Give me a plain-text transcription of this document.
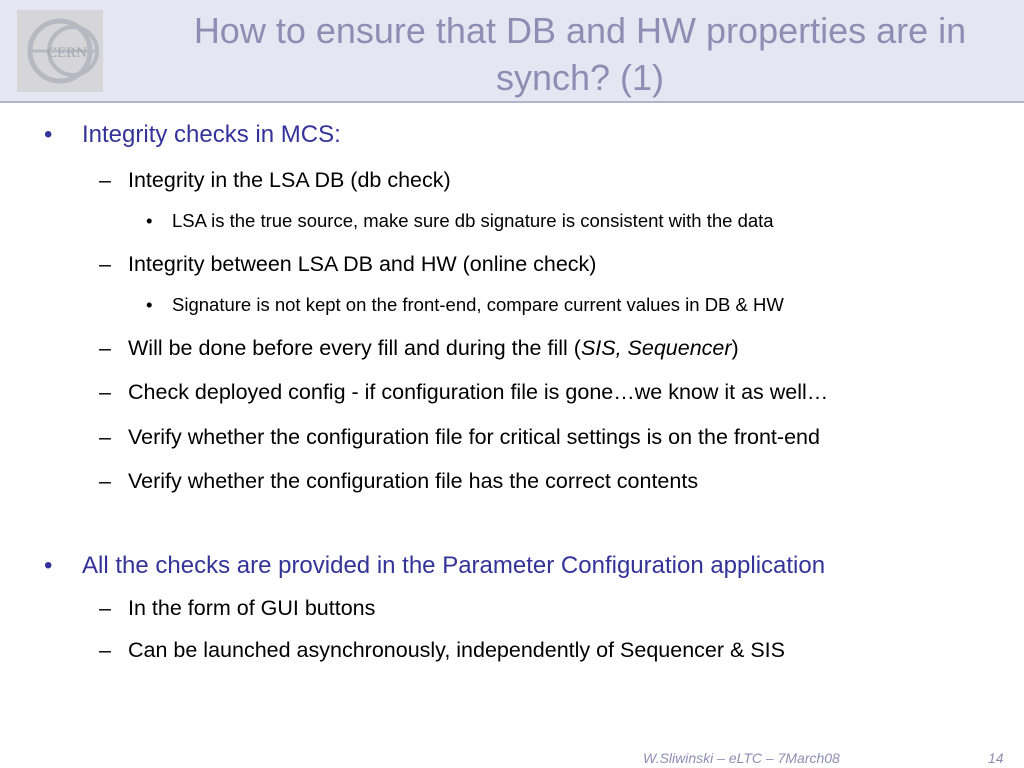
CERN
How to ensure that DB and HW properties are in synch? (1)
• Integrity checks in MCS:
– Integrity in the LSA DB (db check)
• LSA is the true source, make sure db signature is consistent with the data
– Integrity between LSA DB and HW (online check)
• Signature is not kept on the front-end, compare current values in DB & HW
– Will be done before every fill and during the fill (SIS, Sequencer)
– Check deployed config - if configuration file is gone…we know it as well…
– Verify whether the configuration file for critical settings is on the front-end
– Verify whether the configuration file has the correct contents
• All the checks are provided in the Parameter Configuration application
– In the form of GUI buttons
– Can be launched asynchronously, independently of Sequencer & SIS
W.Sliwinski – eLTC – 7March08	14
